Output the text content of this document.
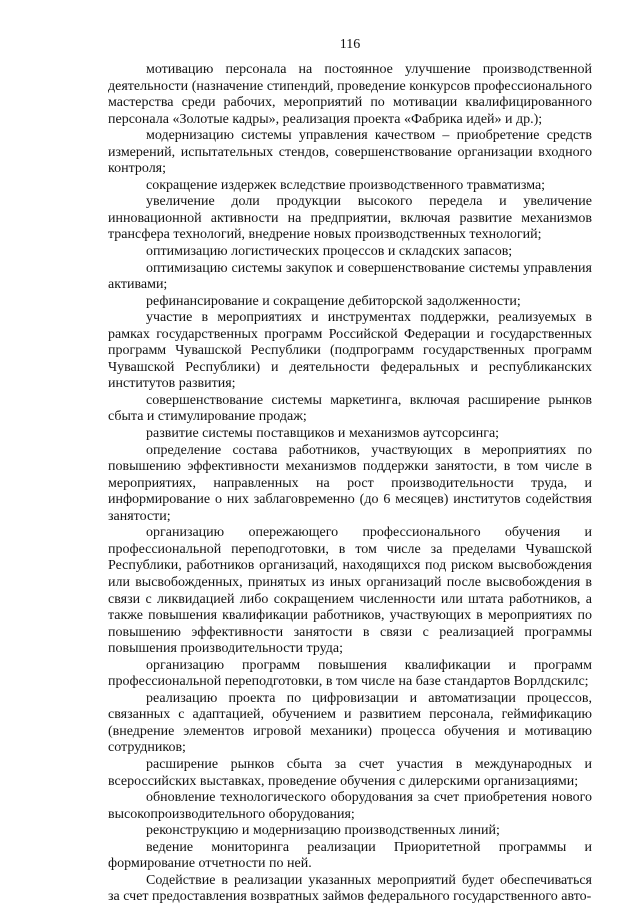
116

мотивацию персонала на постоянное улучшение производственной деятельности (назначение стипендий, проведение конкурсов профессионального мастерства среди рабочих, мероприятий по мотивации квалифицированного персонала «Золотые кадры», реализация проекта «Фабрика идей» и др.);

модернизацию системы управления качеством – приобретение средств измерений, испытательных стендов, совершенствование организации входного контроля;

сокращение издержек вследствие производственного травматизма;

увеличение доли продукции высокого передела и увеличение инновационной активности на предприятии, включая развитие механизмов трансфера технологий, внедрение новых производственных технологий;

оптимизацию логистических процессов и складских запасов;

оптимизацию системы закупок и совершенствование системы управления активами;

рефинансирование и сокращение дебиторской задолженности;

участие в мероприятиях и инструментах поддержки, реализуемых в рамках государственных программ Российской Федерации и государственных программ Чувашской Республики (подпрограмм государственных программ Чувашской Республики) и деятельности федеральных и республиканских институтов развития;

совершенствование системы маркетинга, включая расширение рынков сбыта и стимулирование продаж;

развитие системы поставщиков и механизмов аутсорсинга;

определение состава работников, участвующих в мероприятиях по повышению эффективности механизмов поддержки занятости, в том числе в мероприятиях, направленных на рост производительности труда, и информирование о них заблаговременно (до 6 месяцев) институтов содействия занятости;

организацию опережающего профессионального обучения и профессиональной переподготовки, в том числе за пределами Чувашской Республики, работников организаций, находящихся под риском высвобождения или высвобожденных, принятых из иных организаций после высвобождения в связи с ликвидацией либо сокращением численности или штата работников, а также повышения квалификации работников, участвующих в мероприятиях по повышению эффективности занятости в связи с реализацией программы повышения производительности труда;

организацию программ повышения квалификации и программ профессиональной переподготовки, в том числе на базе стандартов Ворлдскилс;

реализацию проекта по цифровизации и автоматизации процессов, связанных с адаптацией, обучением и развитием персонала, геймификацию (внедрение элементов игровой механики) процесса обучения и мотивацию сотрудников;

расширение рынков сбыта за счет участия в международных и всероссийских выставках, проведение обучения с дилерскими организациями;

обновление технологического оборудования за счет приобретения нового высокопроизводительного оборудования;

реконструкцию и модернизацию производственных линий;

ведение мониторинга реализации Приоритетной программы и формирование отчетности по ней.

Содействие в реализации указанных мероприятий будет обеспечиваться за счет предоставления возвратных займов федерального государственного авто-
